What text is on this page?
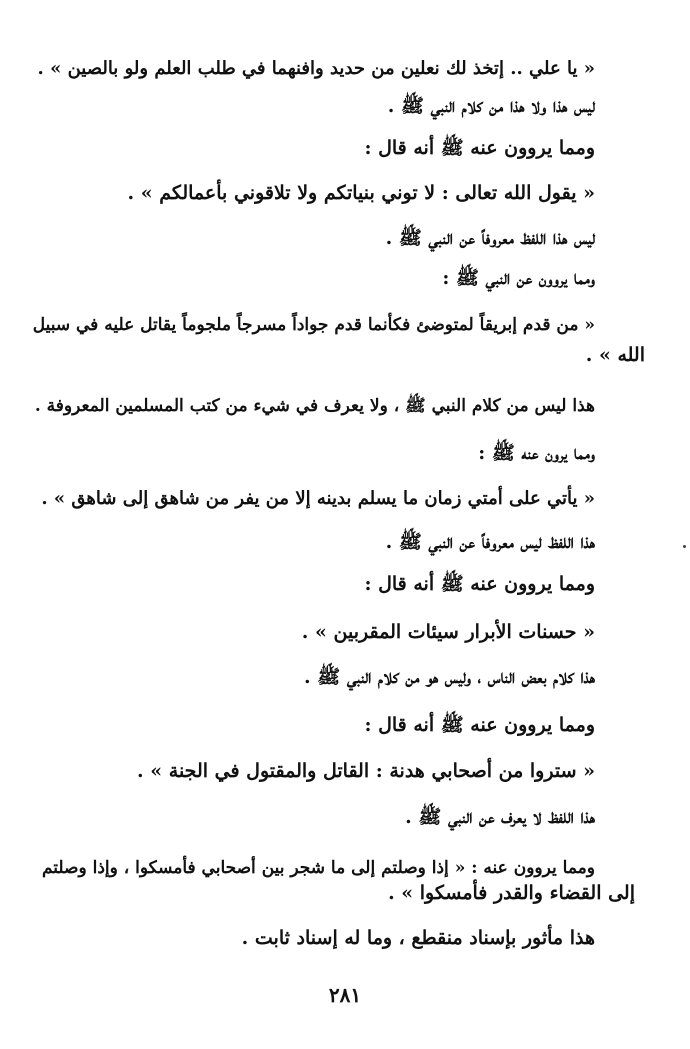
« يا علي .. إتخذ لك نعلين من حديد وافنهما في طلب العلم ولو بالصين » .
ليس هذا ولا هذا من كلام النبي ﷺ .
ومما يروون عنه ﷺ أنه قال :
« يقول الله تعالى : لا توني بنياتكم ولا تلاقوني بأعمالكم » .
ليس هذا اللفظ معروفاً عن النبي ﷺ .
ومما يروون عن النبي ﷺ :
« من قدم إبريقاً لمتوضئ فكأنما قدم جواداً مسرجاً ملجوماً يقاتل عليه في سبيل
الله » .
هذا ليس من كلام النبي ﷺ ، ولا يعرف في شيء من كتب المسلمين المعروفة .
ومما يرون عنه ﷺ :
« يأتي على أمتي زمان ما يسلم بدينه إلا من يفر من شاهق إلى شاهق » .
هذا اللفظ ليس معروفاً عن النبي ﷺ .
ومما يروون عنه ﷺ أنه قال :
« حسنات الأبرار سيئات المقربين » .
هذا كلام بعض الناس ، وليس هو من كلام النبي ﷺ .
ومما يروون عنه ﷺ أنه قال :
« ستروا من أصحابي هدنة : القاتل والمقتول في الجنة » .
هذا اللفظ لا يعرف عن النبي ﷺ .
ومما يروون عنه : « إذا وصلتم إلى ما شجر بين أصحابي فأمسكوا ، وإذا وصلتم
إلى القضاء والقدر فأمسكوا » .
هذا مأثور بإسناد منقطع ، وما له إسناد ثابت .
٢٨١
